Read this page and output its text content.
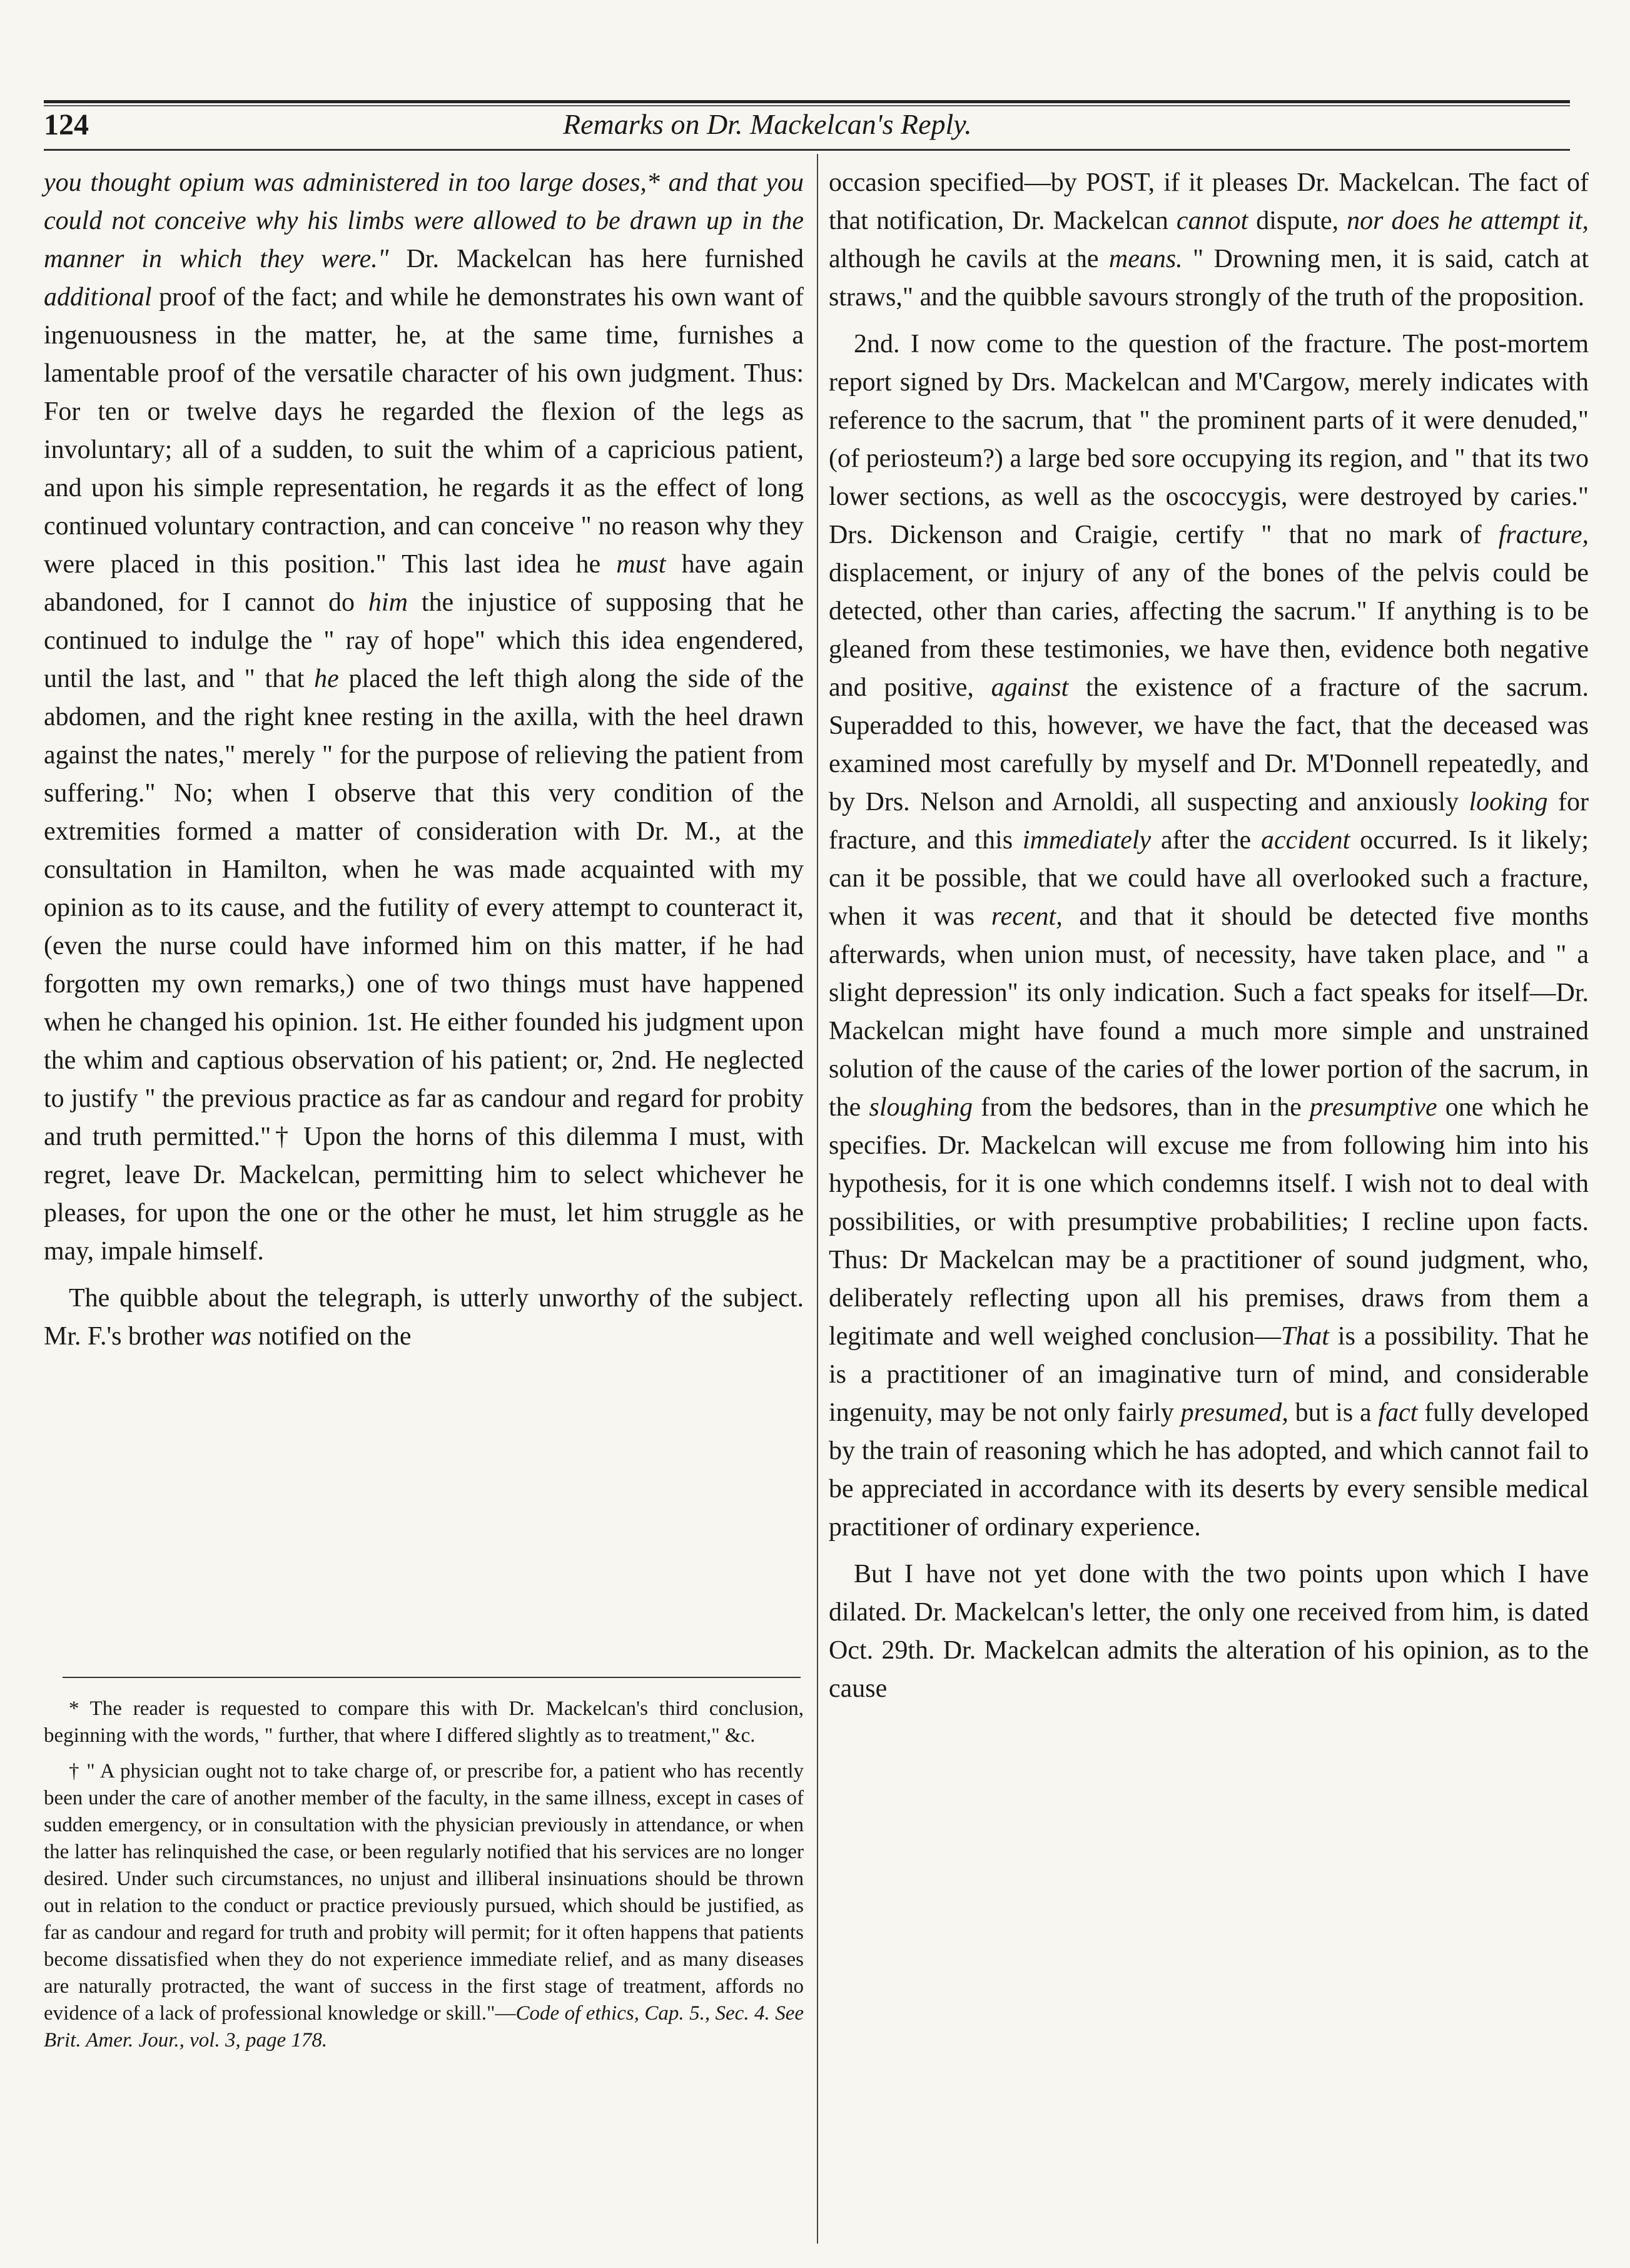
124	Remarks on Dr. Mackelcan's Reply.

you thought opium was administered in too large doses,* and that you could not conceive why his limbs were allowed to be drawn up in the manner in which they were." Dr. Mackelcan has here furnished additional proof of the fact; and while he demonstrates his own want of ingenuousness in the matter, he, at the same time, furnishes a lamentable proof of the versatile character of his own judgment. Thus: For ten or twelve days he regarded the flexion of the legs as involuntary; all of a sudden, to suit the whim of a capricious patient, and upon his simple representation, he regards it as the effect of long continued voluntary contraction, and can conceive " no reason why they were placed in this position." This last idea he must have again abandoned, for I cannot do him the injustice of supposing that he continued to indulge the " ray of hope" which this idea engendered, until the last, and " that he placed the left thigh along the side of the abdomen, and the right knee resting in the axilla, with the heel drawn against the nates," merely " for the purpose of relieving the patient from suffering." No; when I observe that this very condition of the extremities formed a matter of consideration with Dr. M., at the consultation in Hamilton, when he was made acquainted with my opinion as to its cause, and the futility of every attempt to counteract it, (even the nurse could have informed him on this matter, if he had forgotten my own remarks,) one of two things must have happened when he changed his opinion. 1st. He either founded his judgment upon the whim and captious observation of his patient; or, 2nd. He neglected to justify " the previous practice as far as candour and regard for probity and truth permitted."† Upon the horns of this dilemma I must, with regret, leave Dr. Mackelcan, permitting him to select whichever he pleases, for upon the one or the other he must, let him struggle as he may, impale himself.

The quibble about the telegraph, is utterly unworthy of the subject. Mr. F.'s brother was notified on the

* The reader is requested to compare this with Dr. Mackelcan's third conclusion, beginning with the words, " further, that where I differed slightly as to treatment," &c.

† " A physician ought not to take charge of, or prescribe for, a patient who has recently been under the care of another member of the faculty, in the same illness, except in cases of sudden emergency, or in consultation with the physician previously in attendance, or when the latter has relinquished the case, or been regularly notified that his services are no longer desired. Under such circumstances, no unjust and illiberal insinuations should be thrown out in relation to the conduct or practice previously pursued, which should be justified, as far as candour and regard for truth and probity will permit; for it often happens that patients become dissatisfied when they do not experience immediate relief, and as many diseases are naturally protracted, the want of success in the first stage of treatment, affords no evidence of a lack of professional knowledge or skill."—Code of ethics, Cap. 5., Sec. 4. See Brit. Amer. Jour., vol. 3, page 178.

occasion specified—by POST, if it pleases Dr. Mackelcan. The fact of that notification, Dr. Mackelcan cannot dispute, nor does he attempt it, although he cavils at the means. " Drowning men, it is said, catch at straws," and the quibble savours strongly of the truth of the proposition.

2nd. I now come to the question of the fracture. The post-mortem report signed by Drs. Mackelcan and M'Cargow, merely indicates with reference to the sacrum, that " the prominent parts of it were denuded," (of periosteum?) a large bed sore occupying its region, and " that its two lower sections, as well as the oscoccygis, were destroyed by caries." Drs. Dickenson and Craigie, certify " that no mark of fracture, displacement, or injury of any of the bones of the pelvis could be detected, other than caries, affecting the sacrum." If anything is to be gleaned from these testimonies, we have then, evidence both negative and positive, against the existence of a fracture of the sacrum. Superadded to this, however, we have the fact, that the deceased was examined most carefully by myself and Dr. M'Donnell repeatedly, and by Drs. Nelson and Arnoldi, all suspecting and anxiously looking for fracture, and this immediately after the accident occurred. Is it likely; can it be possible, that we could have all overlooked such a fracture, when it was recent, and that it should be detected five months afterwards, when union must, of necessity, have taken place, and " a slight depression" its only indication. Such a fact speaks for itself—Dr. Mackelcan might have found a much more simple and unstrained solution of the cause of the caries of the lower portion of the sacrum, in the sloughing from the bedsores, than in the presumptive one which he specifies. Dr. Mackelcan will excuse me from following him into his hypothesis, for it is one which condemns itself. I wish not to deal with possibilities, or with presumptive probabilities; I recline upon facts. Thus: Dr Mackelcan may be a practitioner of sound judgment, who, deliberately reflecting upon all his premises, draws from them a legitimate and well weighed conclusion—That is a possibility. That he is a practitioner of an imaginative turn of mind, and considerable ingenuity, may be not only fairly presumed, but is a fact fully developed by the train of reasoning which he has adopted, and which cannot fail to be appreciated in accordance with its deserts by every sensible medical practitioner of ordinary experience.

But I have not yet done with the two points upon which I have dilated. Dr. Mackelcan's letter, the only one received from him, is dated Oct. 29th. Dr. Mackelcan admits the alteration of his opinion, as to the cause
